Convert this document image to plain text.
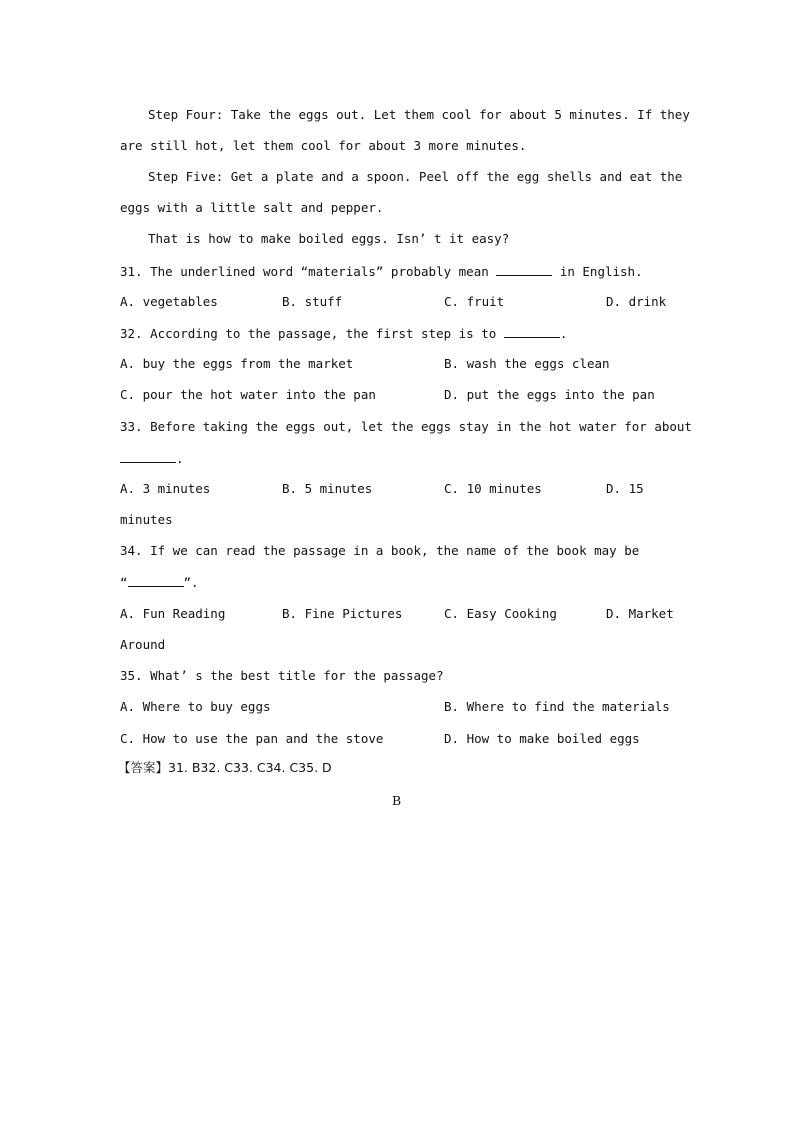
Step Four: Take the eggs out. Let them cool for about 5 minutes. If they
are still hot, let them cool for about 3 more minutes.
Step Five: Get a plate and a spoon. Peel off the egg shells and eat the
eggs with a little salt and pepper.
That is how to make boiled eggs. Isn’ t it easy?
31. The underlined word “materials” probably mean	in English.
A. vegetables	B. stuff	C. fruit	D. drink
32. According to the passage, the first step is to	.
A. buy the eggs from the market	B. wash the eggs clean
C. pour the hot water into the pan	D. put the eggs into the pan
33. Before taking the eggs out, let the eggs stay in the hot water for about
.
A. 3 minutes	B. 5 minutes	C. 10 minutes	D. 15
minutes
34. If we can read the passage in a book, the name of the book may be
“	”.
A. Fun Reading	B. Fine Pictures	C. Easy Cooking	D. Market
Around
35. What’ s the best title for the passage?
A. Where to buy eggs	B. Where to find the materials
C. How to use the pan and the stove	D. How to make boiled eggs
【答案】31. B32. C33. C34. C35. D
B
